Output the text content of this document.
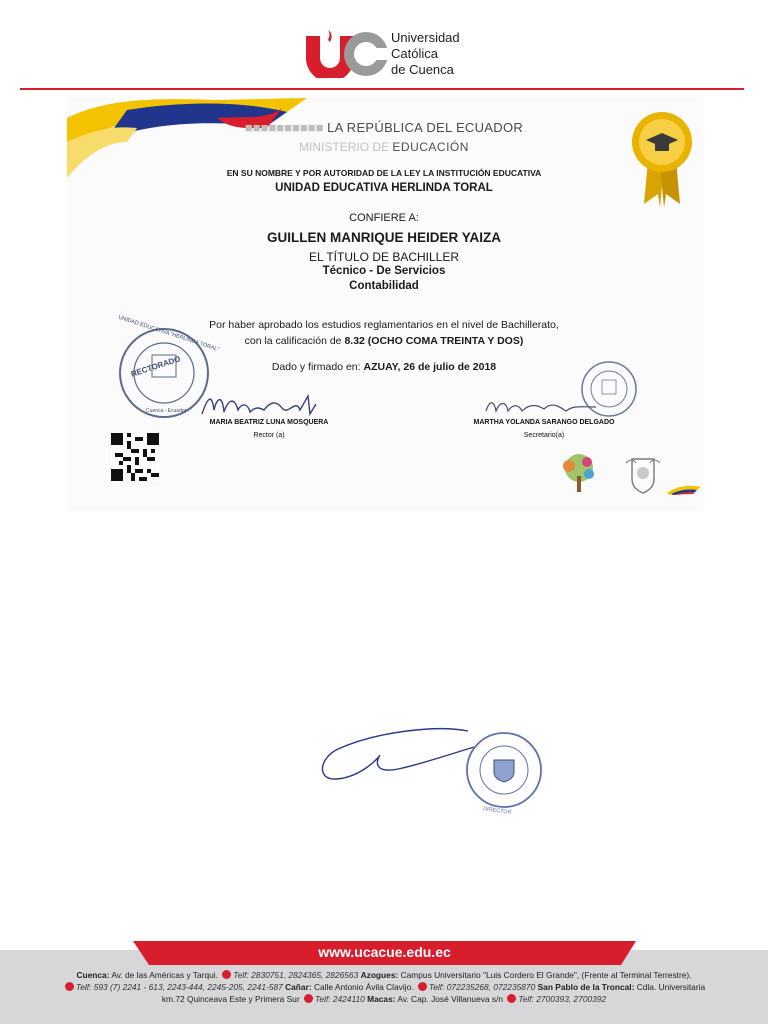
Universidad
Católica
de Cuenca
■■■■■■■■■■ LA REPÚBLICA DEL ECUADOR
MINISTERIO DE EDUCACIÓN
EN SU NOMBRE Y POR AUTORIDAD DE LA LEY LA INSTITUCIÓN EDUCATIVA
UNIDAD EDUCATIVA HERLINDA TORAL
CONFIERE A:
GUILLEN MANRIQUE HEIDER YAIZA
EL TÍTULO DE BACHILLER
Técnico - De Servicios
Contabilidad
Por haber aprobado los estudios reglamentarios en el nivel de Bachillerato,
con la calificación de 8.32 (OCHO COMA TREINTA Y DOS)
Dado y firmado en: AZUAY, 26 de julio de 2018
RECTORADO
UNIDAD EDUCATIVA "HERLINDA TORAL"
Cuenca - Ecuador
MARIA BEATRIZ LUNA MOSQUERA
Rector (a)
MARTHA YOLANDA SARANGO DELGADO
Secretario(a)
DIRECTOR
www.ucacue.edu.ec
Cuenca: Av. de las Américas y Tarqui. Telf: 2830751, 2824365, 2826563 Azogues: Campus Universitario "Luis Cordero El Grande", (Frente al Terminal Terrestre).
Telf: 593 (7) 2241 - 613, 2243-444, 2245-205, 2241-587 Cañar: Calle Antonio Ávila Clavijo. Telf: 072235268, 072235870 San Pablo de la Troncal: Cdla. Universitaria
km.72 Quinceava Este y Primera Sur Telf: 2424110 Macas: Av. Cap. José Villanueva s/n Telf: 2700393, 2700392
